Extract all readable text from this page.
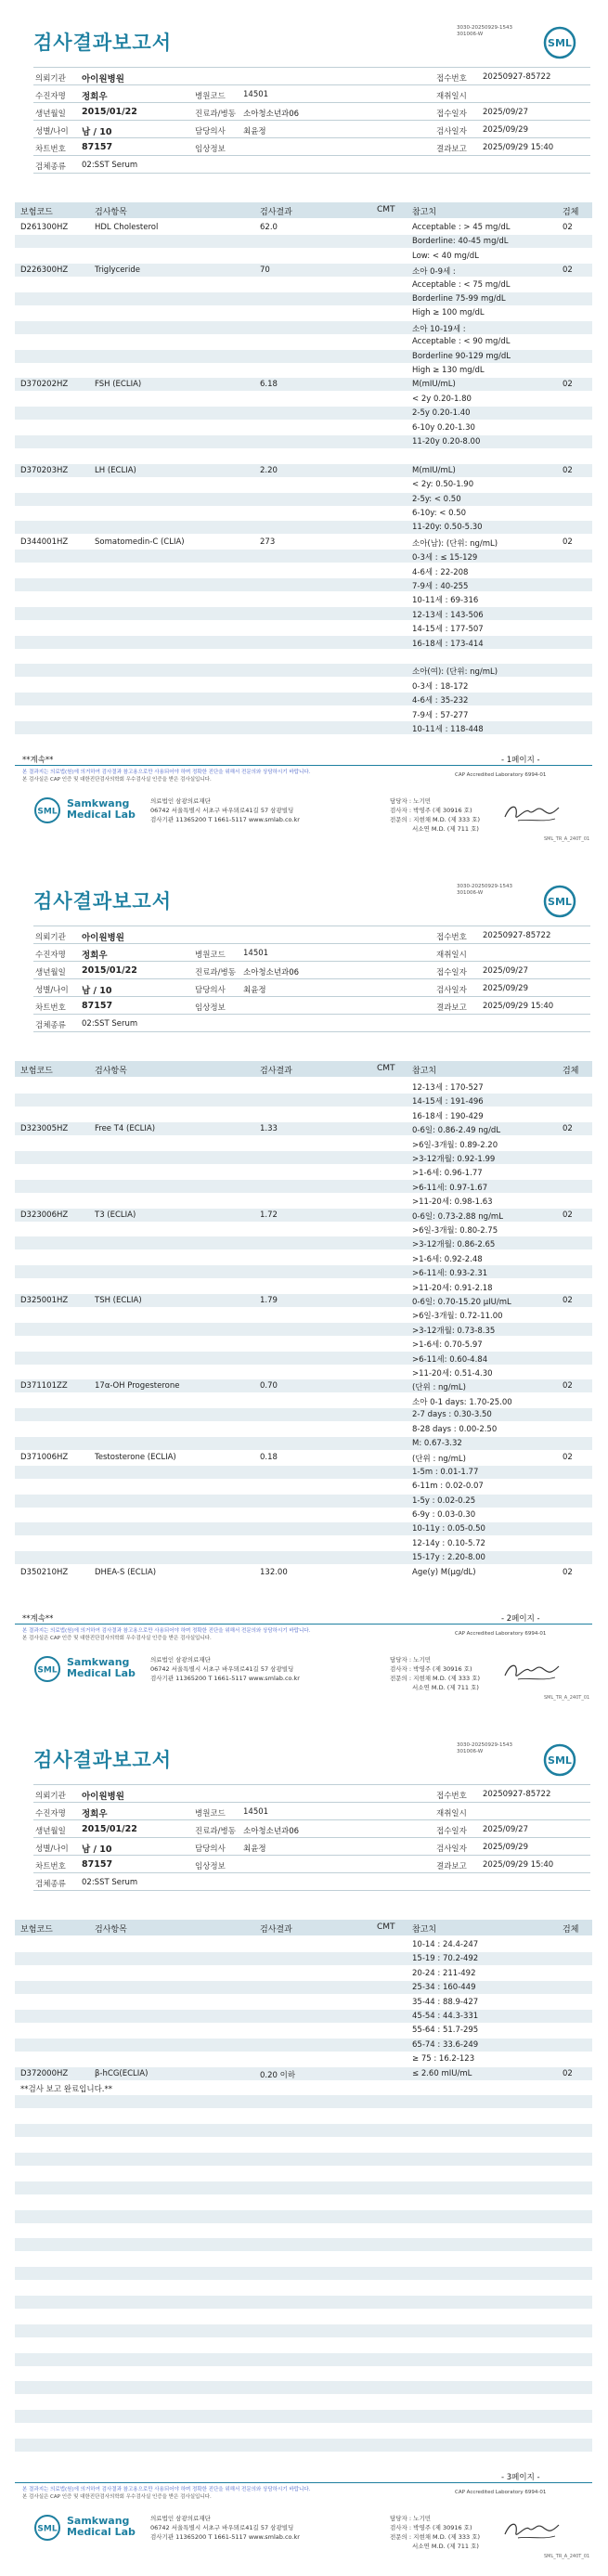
검사결과보고서
3030-20250929-1543
301006-W
SML
의뢰기관 아이원병원	접수번호 20250927-85722
수진자명 정희우	병원코드 14501	재취일시
생년월일 2015/01/22	진료과/병동 소아청소년과06	접수일자 2025/09/27
성별/나이 남 / 10	담당의사 최윤정	검사일자 2025/09/29
차트번호 87157	임상정보	결과보고 2025/09/29 15:40
검체종류 02:SST Serum
보험코드	검사항목	검사결과	CMT 참고치	검체
**계속**	- 1페이지 -
본 결과지는 의료법(원)에 의거하여 검사결과 참고용으로만 사용되어야 하며 정확한 진단을 위해서 전문의와 상담하시기 바랍니다.
본 검사실은 CAP 인증 및 대한진단검사의학회 우수검사실 인증을 받은 검사실입니다.
CAP Accredited Laboratory 6994-01
SML
Samkwang
Medical Lab
의료법인 삼광의료재단
06742 서울특별시 서초구 바우뫼로41길 57 삼광빌딩
검사기관 11365200 T 1661-5117 www.smlab.co.kr
담당자 : 노기민
검사자 : 박영주 (제 30916 호)
전문의 : 지현채 M.D. (제 333 호)
서소연 M.D. (제 711 호)
SML_TR_A_240T_01
D261300HZ	HDL Cholesterol	62.0	Acceptable : > 45 mg/dL	02
Borderline: 40-45 mg/dL
Low: < 40 mg/dL
D226300HZ	Triglyceride	70	소아 0-9세 :	02
Acceptable : < 75 mg/dL
Borderline 75-99 mg/dL
High ≥ 100 mg/dL
소아 10-19세 :
Acceptable : < 90 mg/dL
Borderline 90-129 mg/dL
High ≥ 130 mg/dL
D370202HZ	FSH (ECLIA)	6.18	M(mIU/mL)	02
< 2y 0.20-1.80
2-5y 0.20-1.40
6-10y 0.20-1.30
11-20y 0.20-8.00
D370203HZ	LH (ECLIA)	2.20	M(mIU/mL)	02
< 2y: 0.50-1.90
2-5y: < 0.50
6-10y: < 0.50
11-20y: 0.50-5.30
D344001HZ	Somatomedin-C (CLIA)	273	소아(남): (단위: ng/mL)	02
0-3세 : ≤ 15-129
4-6세 : 22-208
7-9세 : 40-255
10-11세 : 69-316
12-13세 : 143-506
14-15세 : 177-507
16-18세 : 173-414
소아(여): (단위: ng/mL)
0-3세 : 18-172
4-6세 : 35-232
7-9세 : 57-277
10-11세 : 118-448
검사결과보고서
3030-20250929-1543
301006-W
SML
의뢰기관 아이원병원	접수번호 20250927-85722
수진자명 정희우	병원코드 14501	재취일시
생년월일 2015/01/22	진료과/병동 소아청소년과06	접수일자 2025/09/27
성별/나이 남 / 10	담당의사 최윤정	검사일자 2025/09/29
차트번호 87157	임상정보	결과보고 2025/09/29 15:40
검체종류 02:SST Serum
보험코드	검사항목	검사결과	CMT 참고치	검체
**계속**	- 2페이지 -
본 결과지는 의료법(원)에 의거하여 검사결과 참고용으로만 사용되어야 하며 정확한 진단을 위해서 전문의와 상담하시기 바랍니다.
본 검사실은 CAP 인증 및 대한진단검사의학회 우수검사실 인증을 받은 검사실입니다.
CAP Accredited Laboratory 6994-01
SML
Samkwang
Medical Lab
의료법인 삼광의료재단
06742 서울특별시 서초구 바우뫼로41길 57 삼광빌딩
검사기관 11365200 T 1661-5117 www.smlab.co.kr
담당자 : 노기민
검사자 : 박영주 (제 30916 호)
전문의 : 지현채 M.D. (제 333 호)
서소연 M.D. (제 711 호)
SML_TR_A_240T_01
12-13세 : 170-527
14-15세 : 191-496
16-18세 : 190-429
D323005HZ	Free T4 (ECLIA)	1.33	0-6일: 0.86-2.49 ng/dL	02
>6일-3개월: 0.89-2.20
>3-12개월: 0.92-1.99
>1-6세: 0.96-1.77
>6-11세: 0.97-1.67
>11-20세: 0.98-1.63
D323006HZ	T3 (ECLIA)	1.72	0-6일: 0.73-2.88 ng/mL	02
>6일-3개월: 0.80-2.75
>3-12개월: 0.86-2.65
>1-6세: 0.92-2.48
>6-11세: 0.93-2.31
>11-20세: 0.91-2.18
D325001HZ	TSH (ECLIA)	1.79	0-6일: 0.70-15.20 µIU/mL	02
>6일-3개월: 0.72-11.00
>3-12개월: 0.73-8.35
>1-6세: 0.70-5.97
>6-11세: 0.60-4.84
>11-20세: 0.51-4.30
D371101ZZ	17α-OH Progesterone	0.70	(단위 : ng/mL)	02
소아 0-1 days: 1.70-25.00
2-7 days : 0.30-3.50
8-28 days : 0.00-2.50
M: 0.67-3.32
D371006HZ	Testosterone (ECLIA)	0.18	(단위 : ng/mL)	02
1-5m : 0.01-1.77
6-11m : 0.02-0.07
1-5y : 0.02-0.25
6-9y : 0.03-0.30
10-11y : 0.05-0.50
12-14y : 0.10-5.72
15-17y : 2.20-8.00
D350210HZ	DHEA-S (ECLIA)	132.00	Age(y) M(µg/dL)	02
검사결과보고서
3030-20250929-1543
301006-W
SML
의뢰기관 아이원병원	접수번호 20250927-85722
수진자명 정희우	병원코드 14501	재취일시
생년월일 2015/01/22	진료과/병동 소아청소년과06	접수일자 2025/09/27
성별/나이 남 / 10	담당의사 최윤정	검사일자 2025/09/29
차트번호 87157	임상정보	결과보고 2025/09/29 15:40
검체종류 02:SST Serum
보험코드	검사항목	검사결과	CMT 참고치	검체
- 3페이지 -
본 결과지는 의료법(원)에 의거하여 검사결과 참고용으로만 사용되어야 하며 정확한 진단을 위해서 전문의와 상담하시기 바랍니다.
본 검사실은 CAP 인증 및 대한진단검사의학회 우수검사실 인증을 받은 검사실입니다.
CAP Accredited Laboratory 6994-01
SML
Samkwang
Medical Lab
의료법인 삼광의료재단
06742 서울특별시 서초구 바우뫼로41길 57 삼광빌딩
검사기관 11365200 T 1661-5117 www.smlab.co.kr
담당자 : 노기민
검사자 : 박영주 (제 30916 호)
전문의 : 지현채 M.D. (제 333 호)
서소연 M.D. (제 711 호)
SML_TR_A_240T_01
10-14 : 24.4-247
15-19 : 70.2-492
20-24 : 211-492
25-34 : 160-449
35-44 : 88.9-427
45-54 : 44.3-331
55-64 : 51.7-295
65-74 : 33.6-249
≥ 75 : 16.2-123
D372000HZ	β-hCG(ECLIA)	0.20 이하	≤ 2.60 mIU/mL	02
**검사 보고 완료입니다.**
